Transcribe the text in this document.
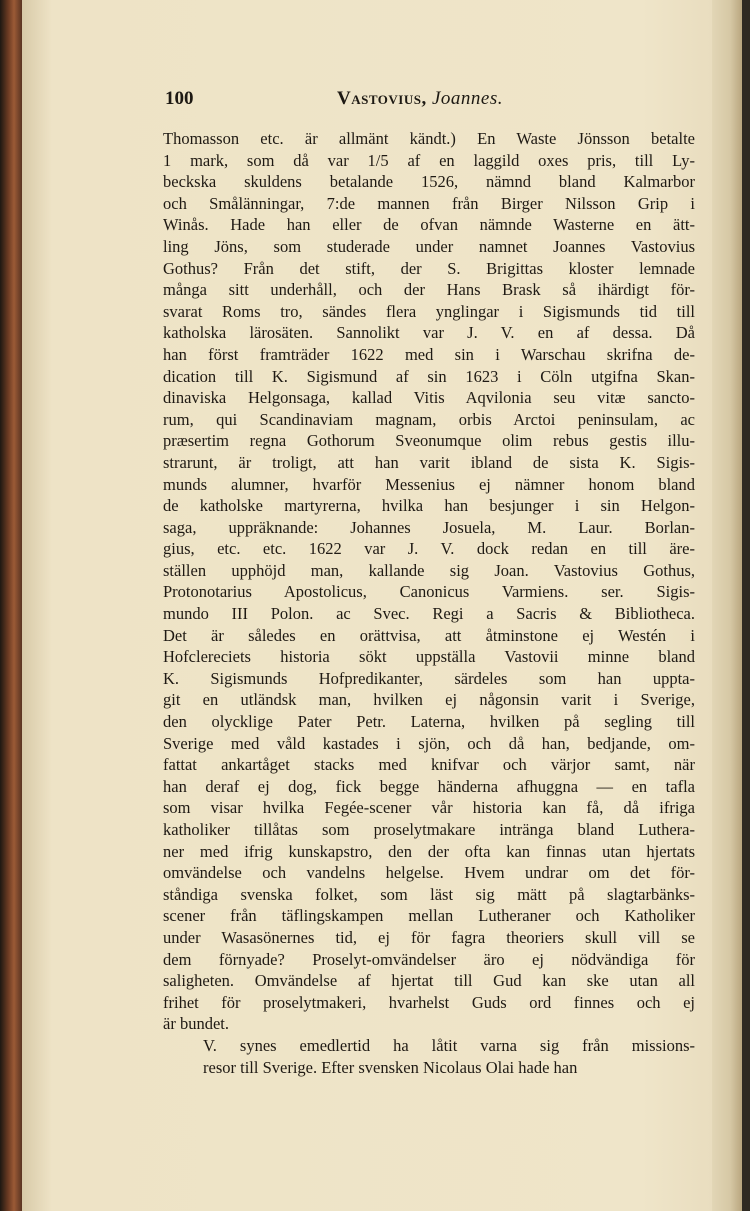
100	Vastovius, Joannes.

Thomasson etc. är allmänt kändt.) En Waste Jönsson betalte
1 mark, som då var 1/5 af en laggild oxes pris, till Ly-
beckska skuldens betalande 1526, nämnd bland Kalmarbor
och Smålänningar, 7:de mannen från Birger Nilsson Grip i
Winås. Hade han eller de ofvan nämnde Wasterne en ätt-
ling Jöns, som studerade under namnet Joannes Vastovius
Gothus? Från det stift, der S. Brigittas kloster lemnade
många sitt underhåll, och der Hans Brask så ihärdigt för-
svarat Roms tro, sändes flera ynglingar i Sigismunds tid till
katholska lärosäten. Sannolikt var J. V. en af dessa. Då
han först framträder 1622 med sin i Warschau skrifna de-
dication till K. Sigismund af sin 1623 i Cöln utgifna Skan-
dinaviska Helgonsaga, kallad Vitis Aqvilonia seu vitæ sancto-
rum, qui Scandinaviam magnam, orbis Arctoi peninsulam, ac
præsertim regna Gothorum Sveonumque olim rebus gestis illu-
strarunt, är troligt, att han varit ibland de sista K. Sigis-
munds alumner, hvarför Messenius ej nämner honom bland
de katholske martyrerna, hvilka han besjunger i sin Helgon-
saga, uppräknande: Johannes Josuela, M. Laur. Borlan-
gius, etc. etc. 1622 var J. V. dock redan en till äre-
ställen upphöjd man, kallande sig Joan. Vastovius Gothus,
Protonotarius Apostolicus, Canonicus Varmiens. ser. Sigis-
mundo III Polon. ac Svec. Regi a Sacris & Bibliotheca.
Det är således en orättvisa, att åtminstone ej Westén i
Hofclereciets historia sökt uppställa Vastovii minne bland
K. Sigismunds Hofpredikanter, särdeles som han uppta-
git en utländsk man, hvilken ej någonsin varit i Sverige,
den olycklige Pater Petr. Laterna, hvilken på segling till
Sverige med våld kastades i sjön, och då han, bedjande, om-
fattat ankartåget stacks med knifvar och värjor samt, när
han deraf ej dog, fick begge händerna afhuggna — en tafla
som visar hvilka Fegée-scener vår historia kan få, då ifriga
katholiker tillåtas som proselytmakare intränga bland Luthera-
ner med ifrig kunskapstro, den der ofta kan finnas utan hjertats
omvändelse och vandelns helgelse. Hvem undrar om det för-
ståndiga svenska folket, som läst sig mätt på slagtarbänks-
scener från täflingskampen mellan Lutheraner och Katholiker
under Wasasönernes tid, ej för fagra theoriers skull vill se
dem förnyade? Proselyt-omvändelser äro ej nödvändiga för
saligheten. Omvändelse af hjertat till Gud kan ske utan all
frihet för proselytmakeri, hvarhelst Guds ord finnes och ej
är bundet.

V. synes emedlertid ha låtit varna sig från missions-
resor till Sverige. Efter svensken Nicolaus Olai hade han
